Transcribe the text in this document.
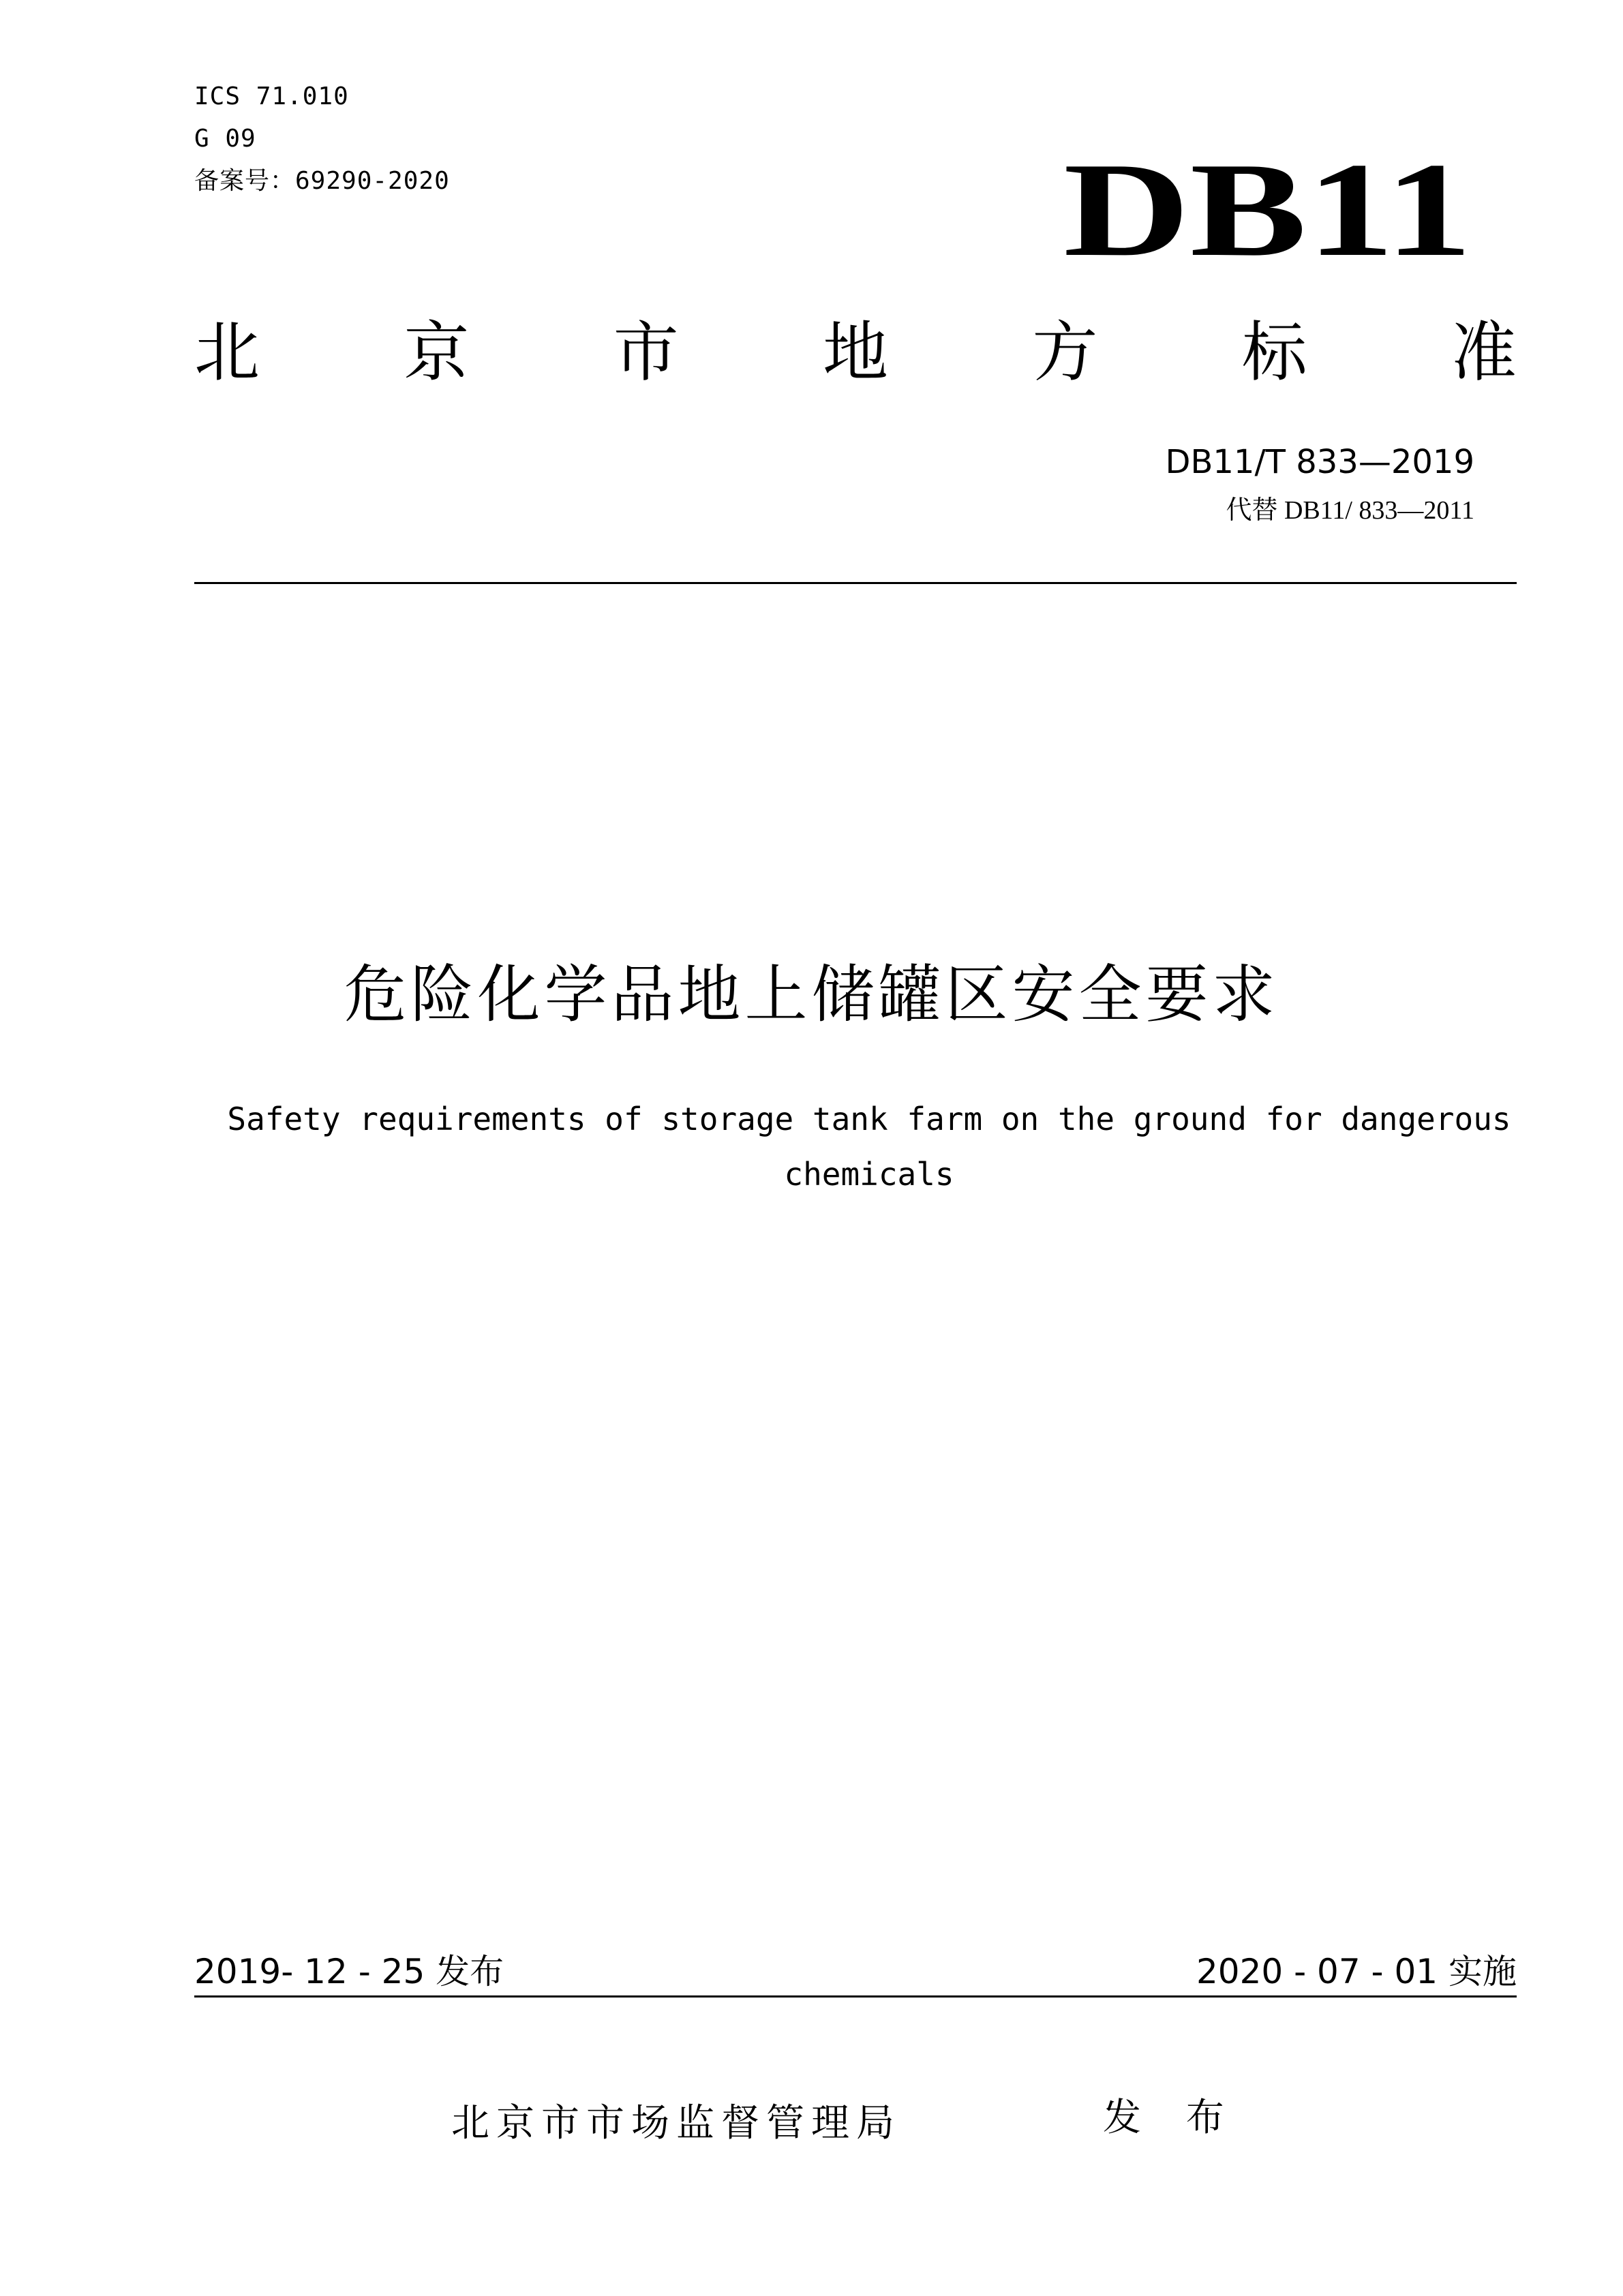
ICS 71.010
G 09
备案号：69290-2020	DB11
北 京 市 地 方 标 准
DB11/T 833—2019
代替 DB11/ 833—2011
危险化学品地上储罐区安全要求
Safety requirements of storage tank farm on the ground for dangerous
chemicals
2019- 12 - 25 发布	2020 - 07 - 01 实施
北京市市场监督管理局	发 布
